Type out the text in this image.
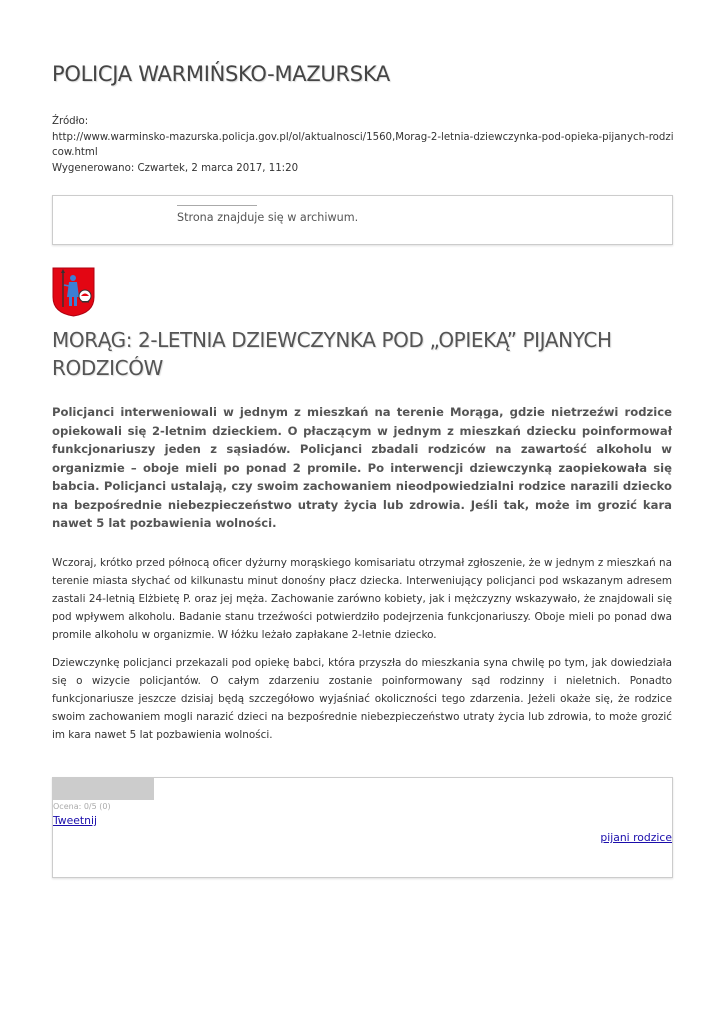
POLICJA WARMIŃSKO-MAZURSKA
Źródło:
http://www.warminsko-mazurska.policja.gov.pl/ol/aktualnosci/1560,Morag-2-letnia-dziewczynka-pod-opieka-pijanych-rodzicow.html
Wygenerowano: Czwartek, 2 marca 2017, 11:20
Strona znajduje się w archiwum.
MORĄG: 2-LETNIA DZIEWCZYNKA POD „OPIEKĄ” PIJANYCH RODZICÓW

Policjanci interweniowali w jednym z mieszkań na terenie Morąga, gdzie nietrzeźwi rodzice opiekowali się 2-letnim dzieckiem. O płaczącym w jednym z mieszkań dziecku poinformował funkcjonariuszy jeden z sąsiadów. Policjanci zbadali rodziców na zawartość alkoholu w organizmie – oboje mieli po ponad 2 promile. Po interwencji dziewczynką zaopiekowała się babcia. Policjanci ustalają, czy swoim zachowaniem nieodpowiedzialni rodzice narazili dziecko na bezpośrednie niebezpieczeństwo utraty życia lub zdrowia. Jeśli tak, może im grozić kara nawet 5 lat pozbawienia wolności.

Wczoraj, krótko przed północą oficer dyżurny morąskiego komisariatu otrzymał zgłoszenie, że w jednym z mieszkań na terenie miasta słychać od kilkunastu minut donośny płacz dziecka. Interweniujący policjanci pod wskazanym adresem zastali 24-letnią Elżbietę P. oraz jej męża. Zachowanie zarówno kobiety, jak i mężczyzny wskazywało, że znajdowali się pod wpływem alkoholu. Badanie stanu trzeźwości potwierdziło podejrzenia funkcjonariuszy. Oboje mieli po ponad dwa promile alkoholu w organizmie. W łóżku leżało zapłakane 2-letnie dziecko.

Dziewczynkę policjanci przekazali pod opiekę babci, która przyszła do mieszkania syna chwilę po tym, jak dowiedziała się o wizycie policjantów. O całym zdarzeniu zostanie poinformowany sąd rodzinny i nieletnich. Ponadto funkcjonariusze jeszcze dzisiaj będą szczegółowo wyjaśniać okoliczności tego zdarzenia. Jeżeli okaże się, że rodzice swoim zachowaniem mogli narazić dzieci na bezpośrednie niebezpieczeństwo utraty życia lub zdrowia, to może grozić im kara nawet 5 lat pozbawienia wolności.

Ocena: 0/5 (0)
Tweetnij
pijani rodzice
